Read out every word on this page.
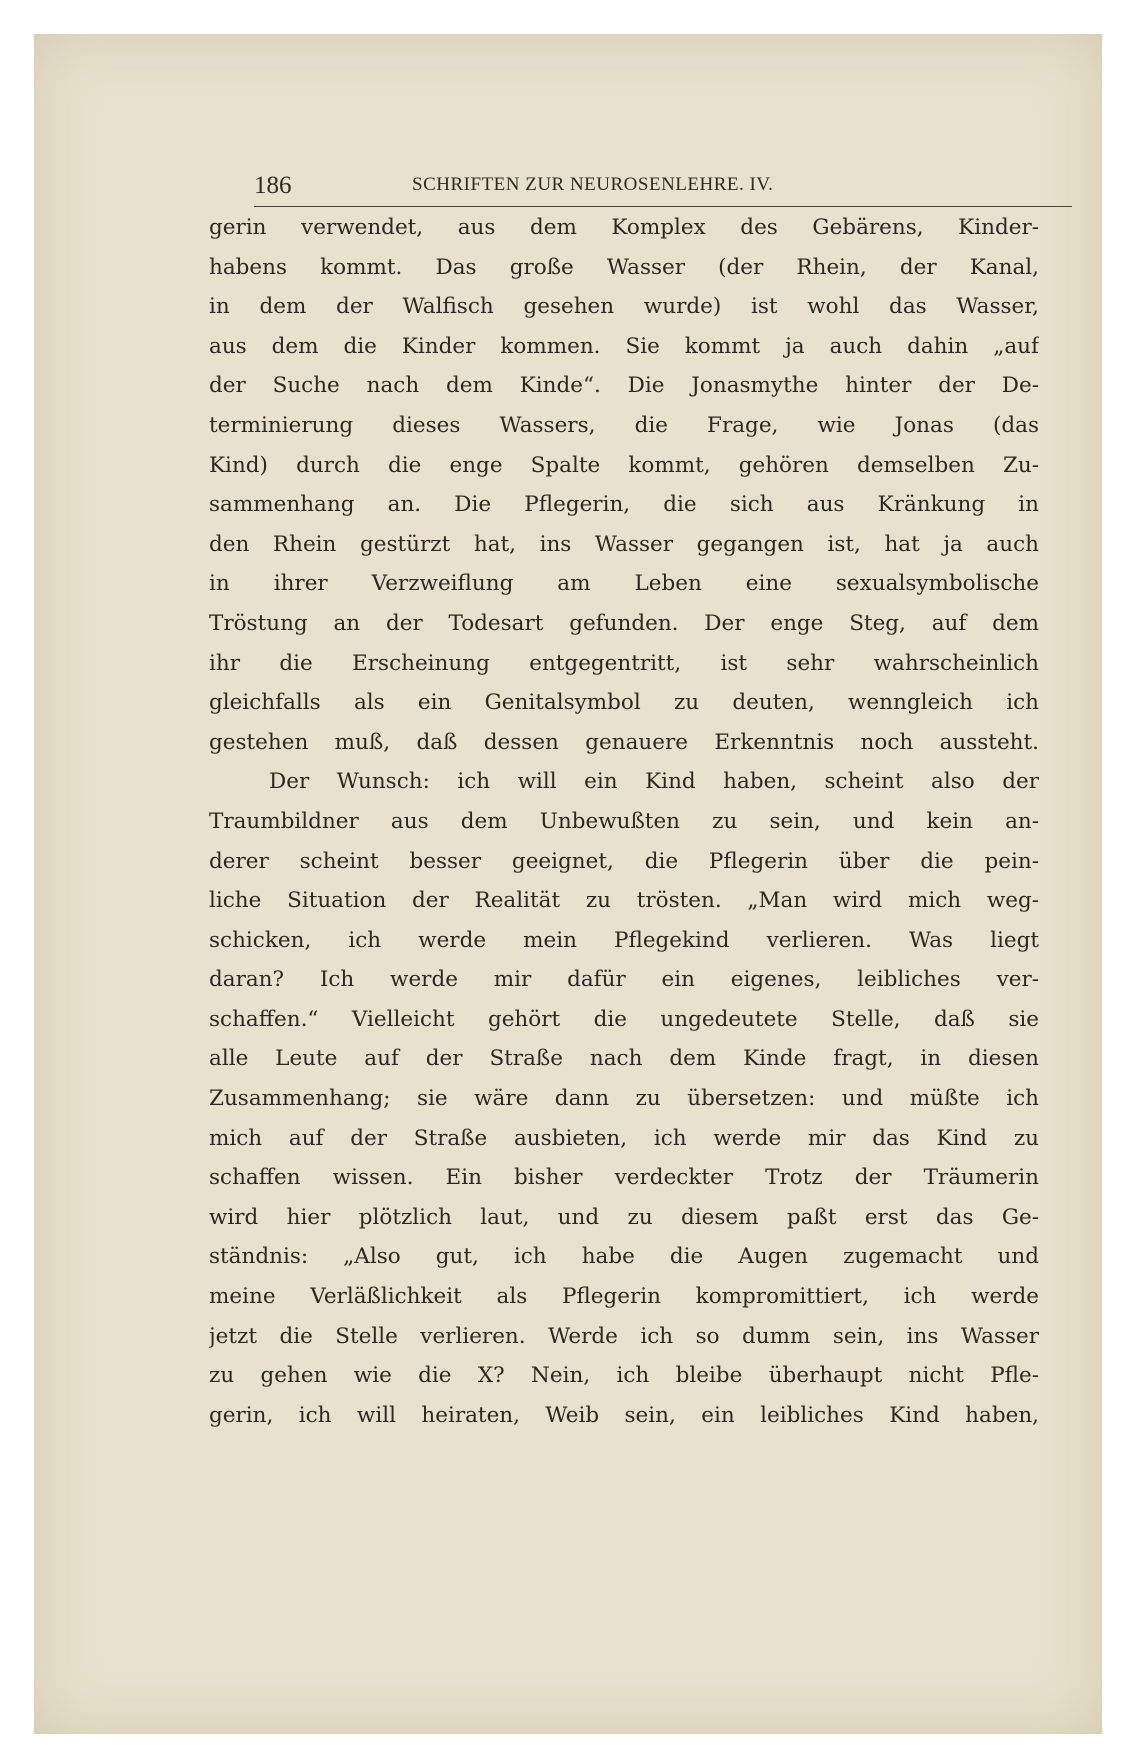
186	SCHRIFTEN ZUR NEUROSENLEHRE. IV.
gerin verwendet, aus dem Komplex des Gebärens, Kinder-
habens kommt. Das große Wasser (der Rhein, der Kanal,
in dem der Walfisch gesehen wurde) ist wohl das Wasser,
aus dem die Kinder kommen. Sie kommt ja auch dahin „auf
der Suche nach dem Kinde“. Die Jonasmythe hinter der De-
terminierung dieses Wassers, die Frage, wie Jonas (das
Kind) durch die enge Spalte kommt, gehören demselben Zu-
sammenhang an. Die Pflegerin, die sich aus Kränkung in
den Rhein gestürzt hat, ins Wasser gegangen ist, hat ja auch
in ihrer Verzweiflung am Leben eine sexualsymbolische
Tröstung an der Todesart gefunden. Der enge Steg, auf dem
ihr die Erscheinung entgegentritt, ist sehr wahrscheinlich
gleichfalls als ein Genitalsymbol zu deuten, wenngleich ich
gestehen muß, daß dessen genauere Erkenntnis noch aussteht.
Der Wunsch: ich will ein Kind haben, scheint also der
Traumbildner aus dem Unbewußten zu sein, und kein an-
derer scheint besser geeignet, die Pflegerin über die pein-
liche Situation der Realität zu trösten. „Man wird mich weg-
schicken, ich werde mein Pflegekind verlieren. Was liegt
daran? Ich werde mir dafür ein eigenes, leibliches ver-
schaffen.“ Vielleicht gehört die ungedeutete Stelle, daß sie
alle Leute auf der Straße nach dem Kinde fragt, in diesen
Zusammenhang; sie wäre dann zu übersetzen: und müßte ich
mich auf der Straße ausbieten, ich werde mir das Kind zu
schaffen wissen. Ein bisher verdeckter Trotz der Träumerin
wird hier plötzlich laut, und zu diesem paßt erst das Ge-
ständnis: „Also gut, ich habe die Augen zugemacht und
meine Verläßlichkeit als Pflegerin kompromittiert, ich werde
jetzt die Stelle verlieren. Werde ich so dumm sein, ins Wasser
zu gehen wie die X? Nein, ich bleibe überhaupt nicht Pfle-
gerin, ich will heiraten, Weib sein, ein leibliches Kind haben,
